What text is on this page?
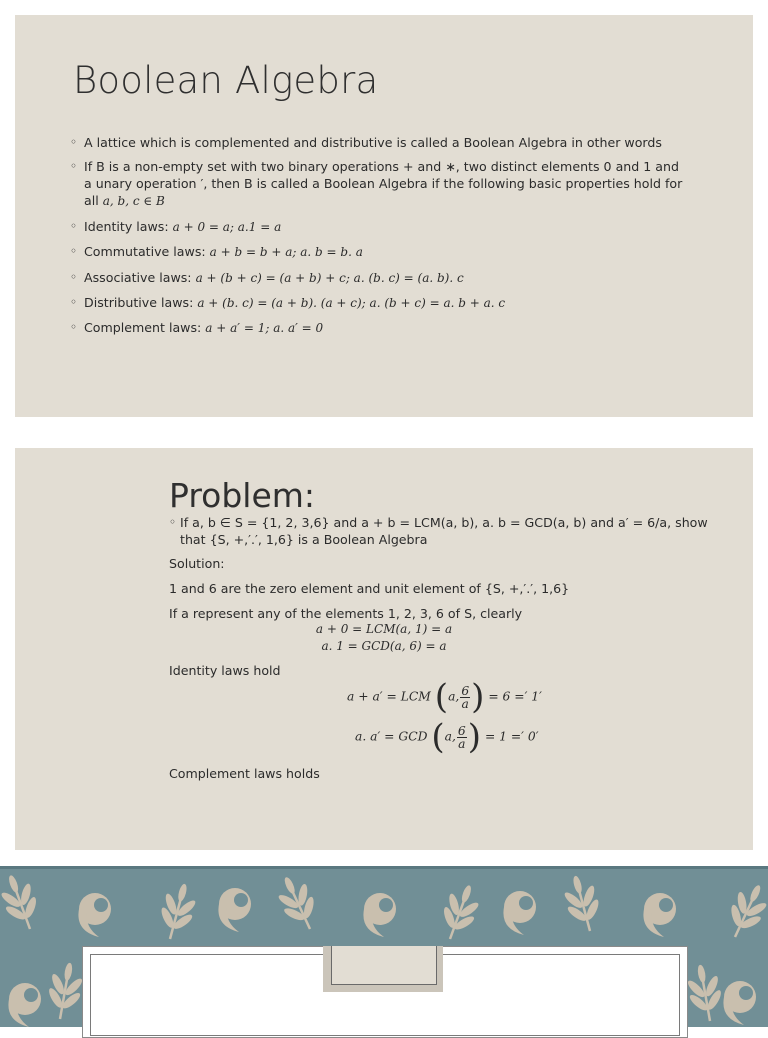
Boolean Algebra
◦ A lattice which is complemented and distributive is called a Boolean Algebra in other words
◦ If B is a non-empty set with two binary operations + and ∗, two distinct elements 0 and 1 and a unary operation ′, then B is called a Boolean Algebra if the following basic properties hold for all a, b, c ∈ B
◦ Identity laws: a + 0 = a; a.1 = a
◦ Commutative laws: a + b = b + a; a. b = b. a
◦ Associative laws: a + (b + c) = (a + b) + c; a. (b. c) = (a. b). c
◦ Distributive laws: a + (b. c) = (a + b). (a + c); a. (b + c) = a. b + a. c
◦ Complement laws: a + a′ = 1; a. a′ = 0
Problem:

◦ If a, b ∈ S = {1, 2, 3,6} and a + b = LCM(a, b), a. b = GCD(a, b) and a′ = 6/a, show that {S, +,′.′, 1,6} is a Boolean Algebra

Solution:

1 and 6 are the zero element and unit element of {S, +,′.′, 1,6}

If a represent any of the elements 1, 2, 3, 6 of S, clearly

a + 0 = LCM(a, 1) = a
a. 1 = GCD(a, 6) = a
Identity laws hold
a + a′ = LCM (a, $\frac{6}{a}$ ) = 6 =′ 1′
a. a′ = GCD (a, $\frac{6}{a}$ ) = 1 =′ 0′
Complement laws holds
